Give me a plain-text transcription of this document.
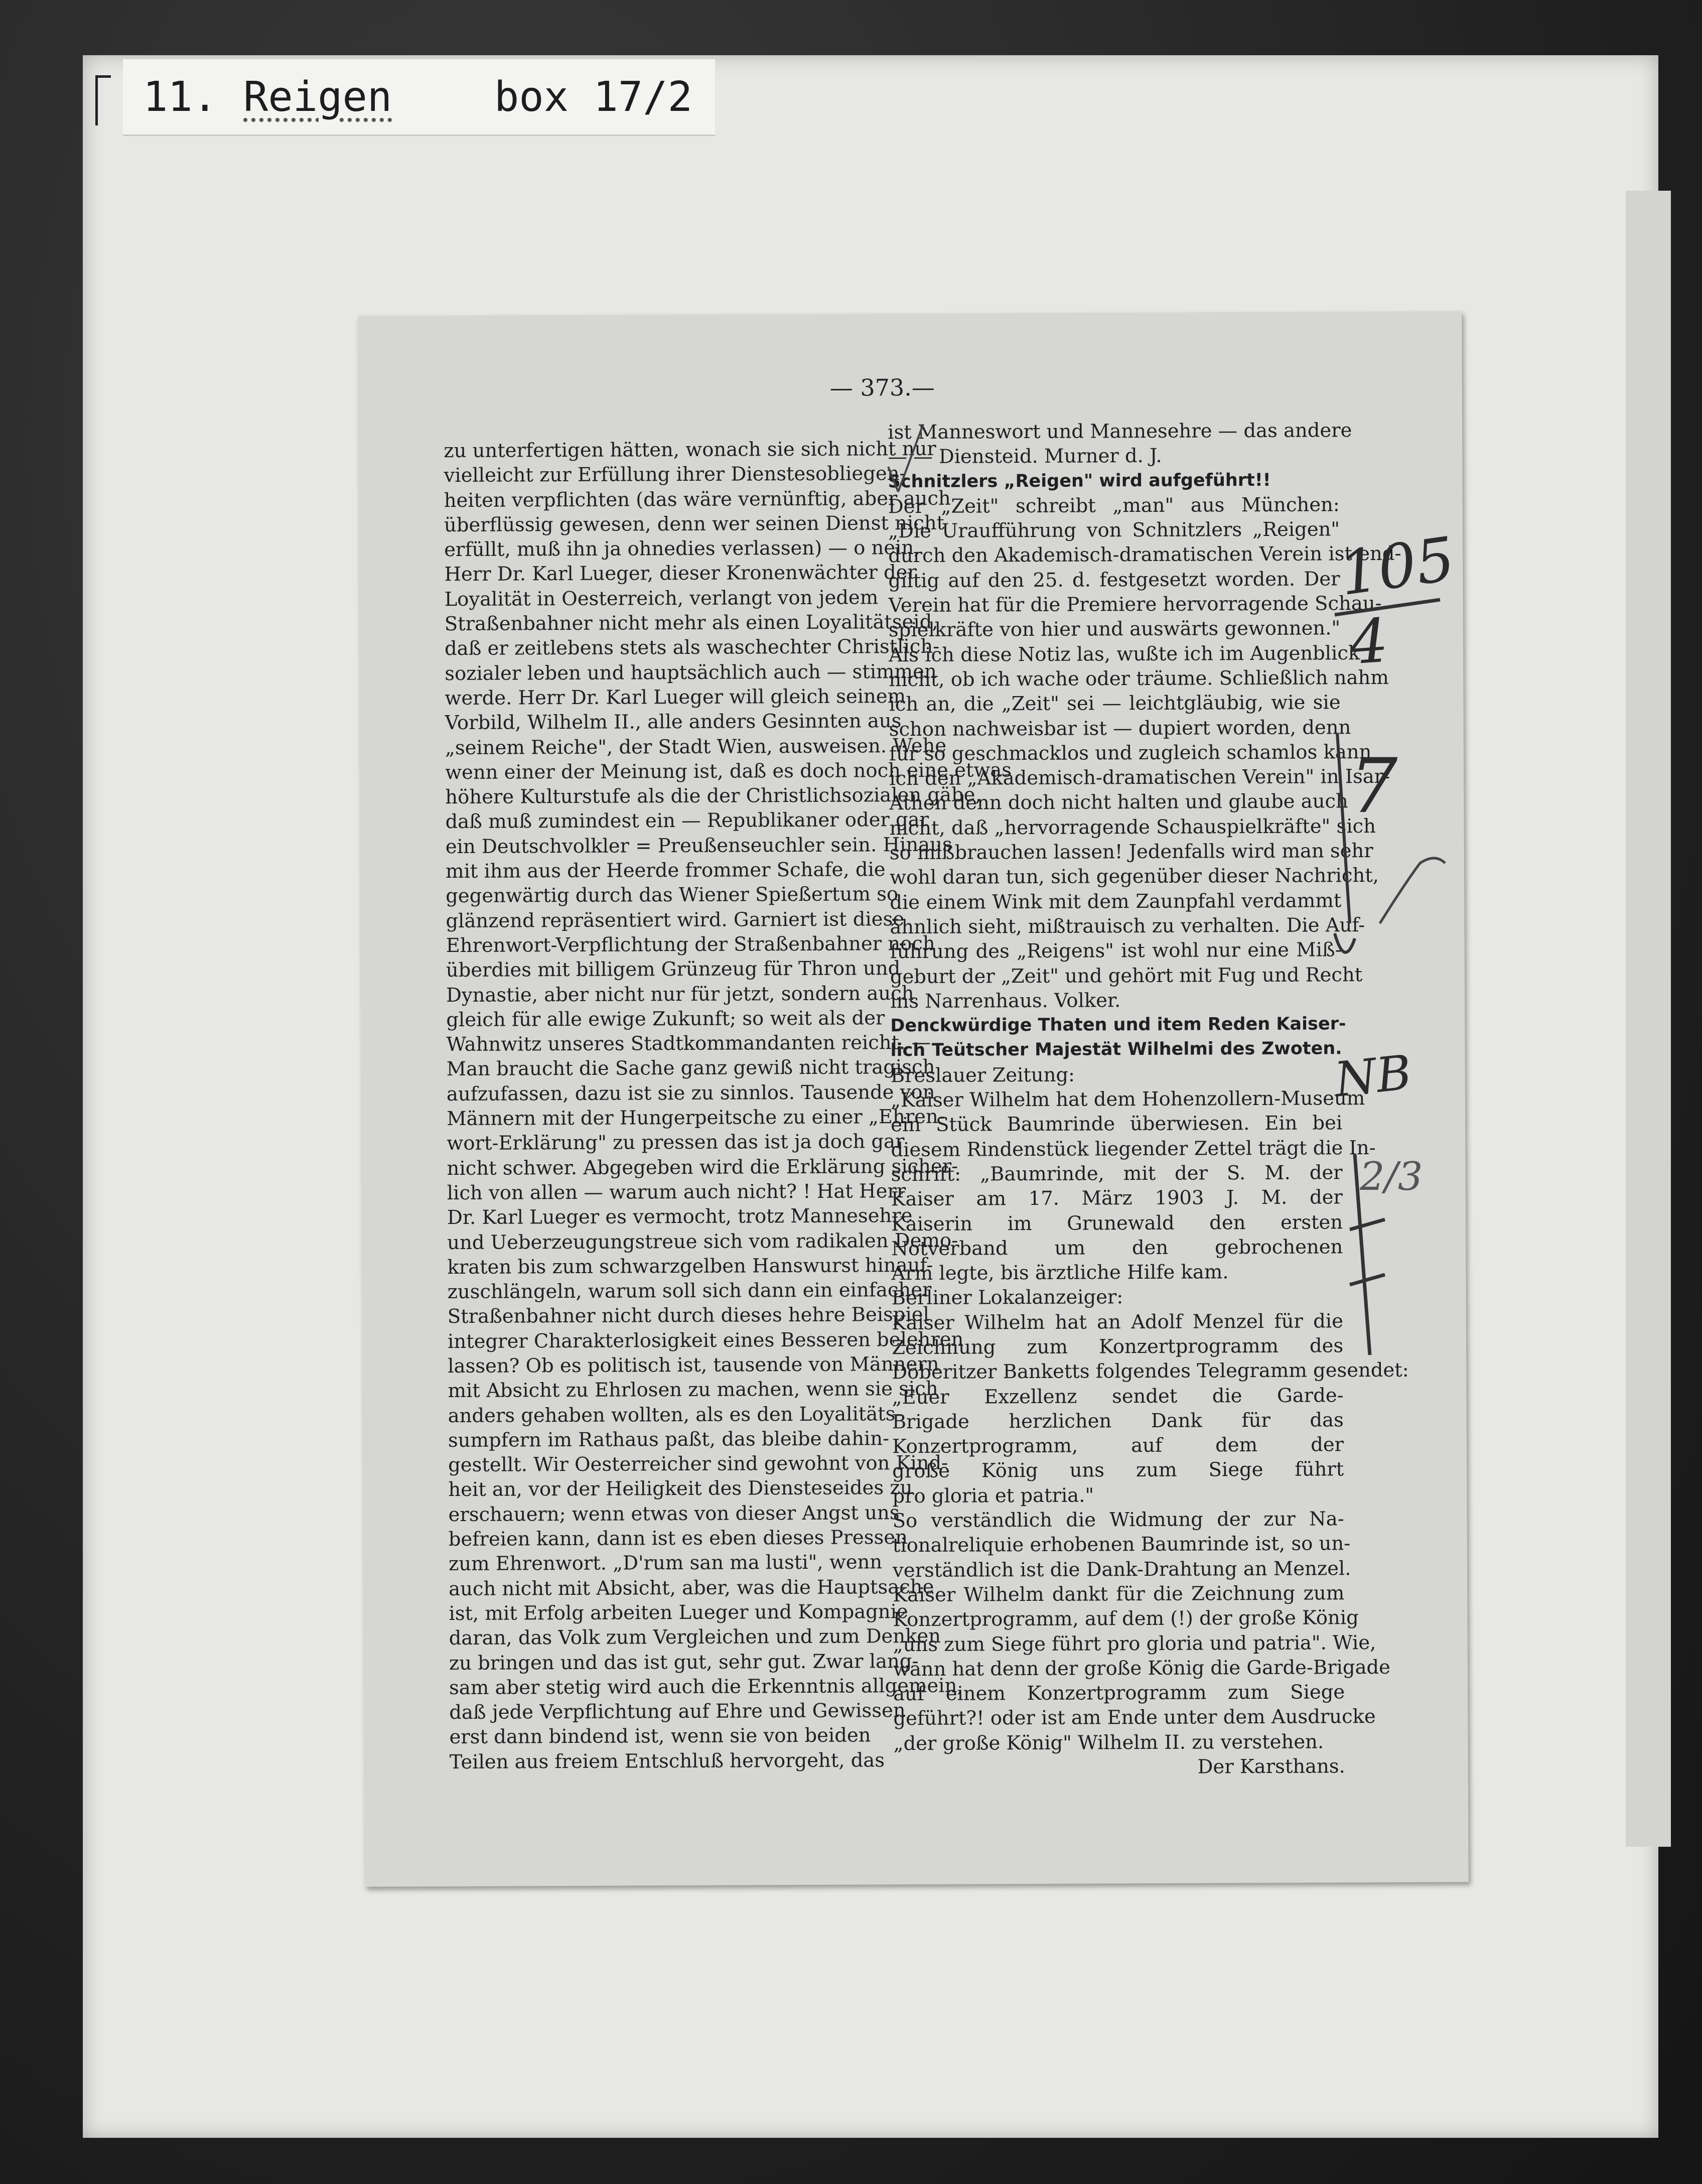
11. Reigen box 17/2
— 373.—
zu unterfertigen hätten, wonach sie sich nicht nur
vielleicht zur Erfüllung ihrer Dienstesobliegen-
heiten verpflichten (das wäre vernünftig, aber auch
überflüssig gewesen, denn wer seinen Dienst nicht
erfüllt, muß ihn ja ohnedies verlassen) — o nein,
Herr Dr. Karl Lueger, dieser Kronenwächter der
Loyalität in Oesterreich, verlangt von jedem
Straßenbahner nicht mehr als einen Loyalitätseid,
daß er zeitlebens stets als waschechter Christlich-
sozialer leben und hauptsächlich auch — stimmen
werde. Herr Dr. Karl Lueger will gleich seinem
Vorbild, Wilhelm II., alle anders Gesinnten aus
„seinem Reiche", der Stadt Wien, ausweisen. Wehe
wenn einer der Meinung ist, daß es doch noch eine etwas
höhere Kulturstufe als die der Christlichsozialen gäbe,
daß muß zumindest ein — Republikaner oder gar
ein Deutschvolkler = Preußenseuchler sein. Hinaus
mit ihm aus der Heerde frommer Schafe, die
gegenwärtig durch das Wiener Spießertum so
glänzend repräsentiert wird. Garniert ist diese
Ehrenwort-Verpflichtung der Straßenbahner noch
überdies mit billigem Grünzeug für Thron und
Dynastie, aber nicht nur für jetzt, sondern auch
gleich für alle ewige Zukunft; so weit als der
Wahnwitz unseres Stadtkommandanten reicht. —
Man braucht die Sache ganz gewiß nicht tragisch
aufzufassen, dazu ist sie zu sinnlos. Tausende von
Männern mit der Hungerpeitsche zu einer „Ehren-
wort-Erklärung" zu pressen das ist ja doch gar
nicht schwer. Abgegeben wird die Erklärung sicher-
lich von allen — warum auch nicht? ! Hat Herr
Dr. Karl Lueger es vermocht, trotz Mannesehre
und Ueberzeugungstreue sich vom radikalen Demo-
kraten bis zum schwarzgelben Hanswurst hinauf-
zuschlängeln, warum soll sich dann ein einfacher
Straßenbahner nicht durch dieses hehre Beispiel
integrer Charakterlosigkeit eines Besseren belehren
lassen? Ob es politisch ist, tausende von Männern
mit Absicht zu Ehrlosen zu machen, wenn sie sich
anders gehaben wollten, als es den Loyalitäts-
sumpfern im Rathaus paßt, das bleibe dahin-
gestellt. Wir Oesterreicher sind gewohnt von Kind-
heit an, vor der Heiligkeit des Diensteseides zu
erschauern; wenn etwas von dieser Angst uns
befreien kann, dann ist es eben dieses Pressen
zum Ehrenwort. „D'rum san ma lusti", wenn
auch nicht mit Absicht, aber, was die Hauptsache
ist, mit Erfolg arbeiten Lueger und Kompagnie
daran, das Volk zum Vergleichen und zum Denken
zu bringen und das ist gut, sehr gut. Zwar lang-
sam aber stetig wird auch die Erkenntnis allgemein,
daß jede Verpflichtung auf Ehre und Gewissen
erst dann bindend ist, wenn sie von beiden
Teilen aus freiem Entschluß hervorgeht, das
ist Manneswort und Mannesehre — das andere
— — Diensteid. Murner d. J.
Schnitzlers „Reigen" wird aufgeführt!!
Der „Zeit" schreibt „man" aus München:
„Die Uraufführung von Schnitzlers „Reigen"
durch den Akademisch-dramatischen Verein ist end-
giltig auf den 25. d. festgesetzt worden. Der
Verein hat für die Premiere hervorragende Schau-
spielkräfte von hier und auswärts gewonnen."
Als ich diese Notiz las, wußte ich im Augenblick
nicht, ob ich wache oder träume. Schließlich nahm
ich an, die „Zeit" sei — leichtgläubig, wie sie
schon nachweisbar ist — dupiert worden, denn
für so geschmacklos und zugleich schamlos kann
ich den „Akademisch-dramatischen Verein" in Isar-
Athen denn doch nicht halten und glaube auch
nicht, daß „hervorragende Schauspielkräfte" sich
so mißbrauchen lassen! Jedenfalls wird man sehr
wohl daran tun, sich gegenüber dieser Nachricht,
die einem Wink mit dem Zaunpfahl verdammt
ähnlich sieht, mißtrauisch zu verhalten. Die Auf-
führung des „Reigens" ist wohl nur eine Miß-
geburt der „Zeit" und gehört mit Fug und Recht
ins Narrenhaus. Volker.
Denckwürdige Thaten und item Reden Kaiser-
lich Teütscher Majestät Wilhelmi des Zwoten.
Breslauer Zeitung:
„Kaiser Wilhelm hat dem Hohenzollern-Museum
ein Stück Baumrinde überwiesen. Ein bei
diesem Rindenstück liegender Zettel trägt die In-
schrift: „Baumrinde, mit der S. M. der
Kaiser am 17. März 1903 J. M. der
Kaiserin im Grunewald den ersten
Notverband um den gebrochenen
Arm legte, bis ärztliche Hilfe kam.
Berliner Lokalanzeiger:
Kaiser Wilhelm hat an Adolf Menzel für die
Zeichnung zum Konzertprogramm des
Döberitzer Banketts folgendes Telegramm gesendet:
„Euer Exzellenz sendet die Garde-
Brigade herzlichen Dank für das
Konzertprogramm, auf dem der
große König uns zum Siege führt
pro gloria et patria."
So verständlich die Widmung der zur Na-
tionalreliquie erhobenen Baumrinde ist, so un-
verständlich ist die Dank-Drahtung an Menzel.
Kaiser Wilhelm dankt für die Zeichnung zum
Konzertprogramm, auf dem (!) der große König
„uns zum Siege führt pro gloria und patria". Wie,
wann hat denn der große König die Garde-Brigade
auf einem Konzertprogramm zum Siege
geführt?! oder ist am Ende unter dem Ausdrucke
„der große König" Wilhelm II. zu verstehen.
Der Karsthans.
105
4
7
NB
2/3
